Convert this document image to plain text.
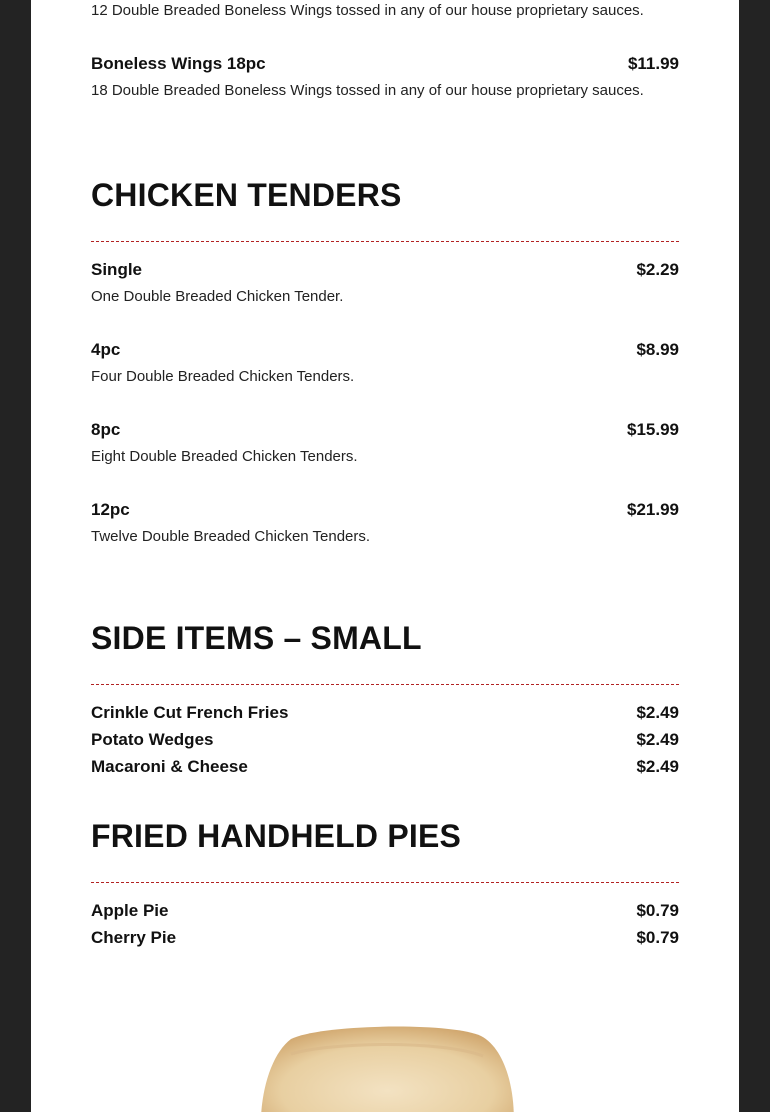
12 Double Breaded Boneless Wings tossed in any of our house proprietary sauces.
Boneless Wings 18pc	$11.99
18 Double Breaded Boneless Wings tossed in any of our house proprietary sauces.
CHICKEN TENDERS
Single	$2.29
One Double Breaded Chicken Tender.
4pc	$8.99
Four Double Breaded Chicken Tenders.
8pc	$15.99
Eight Double Breaded Chicken Tenders.
12pc	$21.99
Twelve Double Breaded Chicken Tenders.
SIDE ITEMS – SMALL
Crinkle Cut French Fries	$2.49
Potato Wedges	$2.49
Macaroni & Cheese	$2.49
FRIED HANDHELD PIES
Apple Pie	$0.79
Cherry Pie	$0.79
